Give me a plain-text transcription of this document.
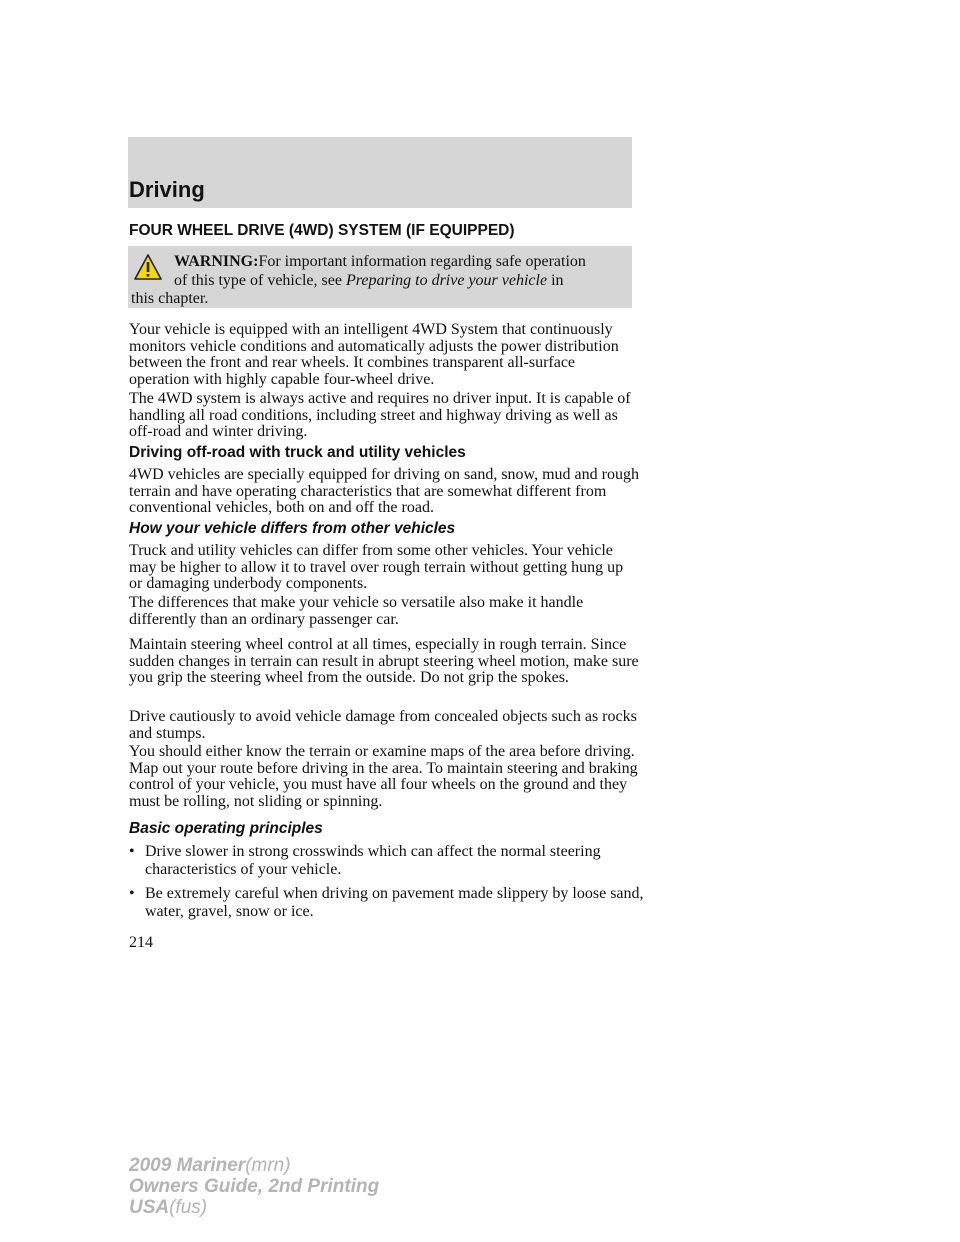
Driving
FOUR WHEEL DRIVE (4WD) SYSTEM (IF EQUIPPED)
WARNING:For important information regarding safe operation
of this type of vehicle, see Preparing to drive your vehicle in
this chapter.

Your vehicle is equipped with an intelligent 4WD System that continuously monitors vehicle conditions and automatically adjusts the power distribution between the front and rear wheels. It combines transparent all-surface operation with highly capable four-wheel drive.

The 4WD system is always active and requires no driver input. It is capable of handling all road conditions, including street and highway driving as well as off-road and winter driving.

Driving off-road with truck and utility vehicles

4WD vehicles are specially equipped for driving on sand, snow, mud and rough terrain and have operating characteristics that are somewhat different from conventional vehicles, both on and off the road.

How your vehicle differs from other vehicles

Truck and utility vehicles can differ from some other vehicles. Your vehicle may be higher to allow it to travel over rough terrain without getting hung up or damaging underbody components.

The differences that make your vehicle so versatile also make it handle differently than an ordinary passenger car.

Maintain steering wheel control at all times, especially in rough terrain. Since sudden changes in terrain can result in abrupt steering wheel motion, make sure you grip the steering wheel from the outside. Do not grip the spokes.

Drive cautiously to avoid vehicle damage from concealed objects such as rocks and stumps.

You should either know the terrain or examine maps of the area before driving. Map out your route before driving in the area. To maintain steering and braking control of your vehicle, you must have all four wheels on the ground and they must be rolling, not sliding or spinning.

Basic operating principles
• Drive slower in strong crosswinds which can affect the normal steering characteristics of your vehicle.
• Be extremely careful when driving on pavement made slippery by loose sand, water, gravel, snow or ice.
214
2009 Mariner(mrn)
Owners Guide, 2nd Printing
USA(fus)
